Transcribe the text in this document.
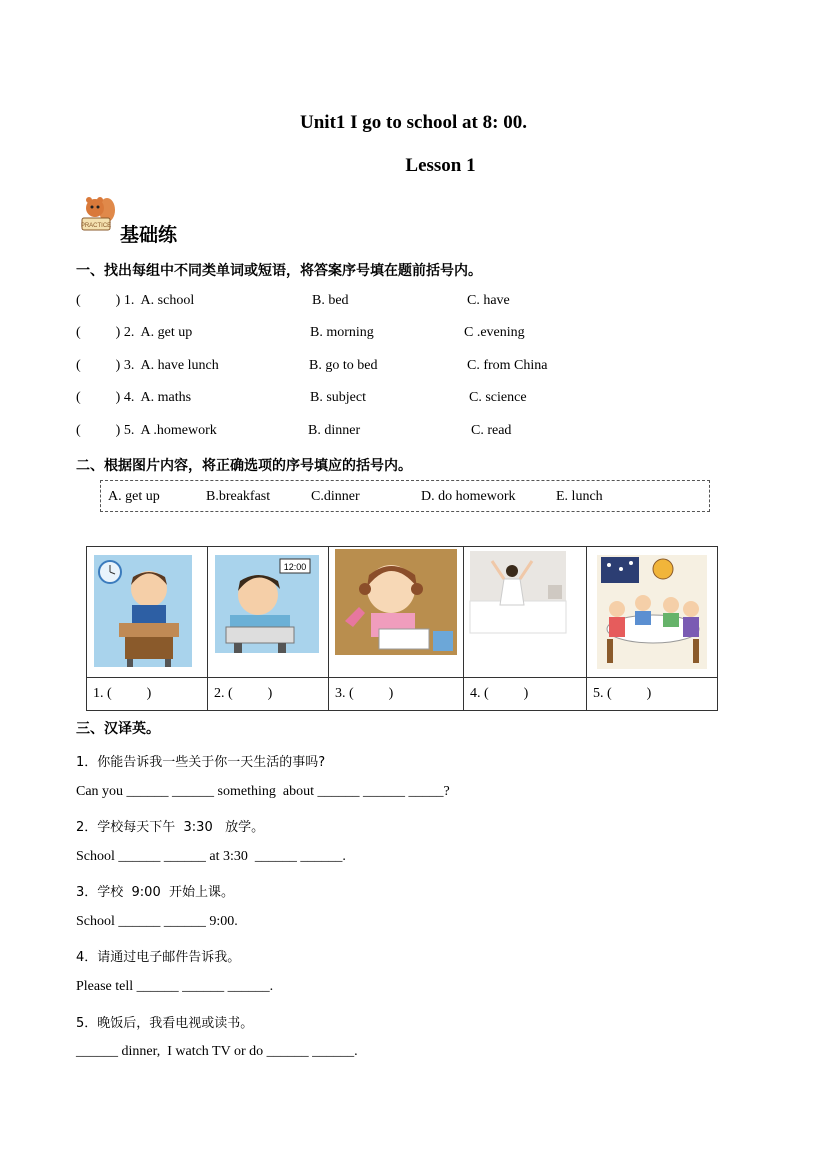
Unit1 I go to school at 8: 00.
Lesson 1
PRACTICE 基础练
一、找出每组中不同类单词或短语，将答案序号填在题前括号内。
(          ) 1.  A. school	B. bed	C. have
(          ) 2.  A. get up	B. morning	C .evening
(          ) 3.  A. have lunch	B. go to bed	C. from China
(          ) 4.  A. maths	B. subject	C. science
(          ) 5.  A .homework	B. dinner	C. read
二、根据图片内容，将正确选项的序号填应的括号内。
A. get up	B.breakfast	C.dinner	D. do homework	E. lunch

12:00

1. (          )	2. (          )	3. (          )	4. (          )	5. (          )
三、汉译英。
1．你能告诉我一些关于你一天生活的事吗?
Can you ______ ______ something  about ______ ______ _____?
2．学校每天下午  3:30   放学。
School ______ ______ at 3:30  ______ ______.
3．学校  9:00  开始上课。
School ______ ______ 9:00.
4．请通过电子邮件告诉我。
Please tell ______ ______ ______.
5．晚饭后，我看电视或读书。
______ dinner,  I watch TV or do ______ ______.
